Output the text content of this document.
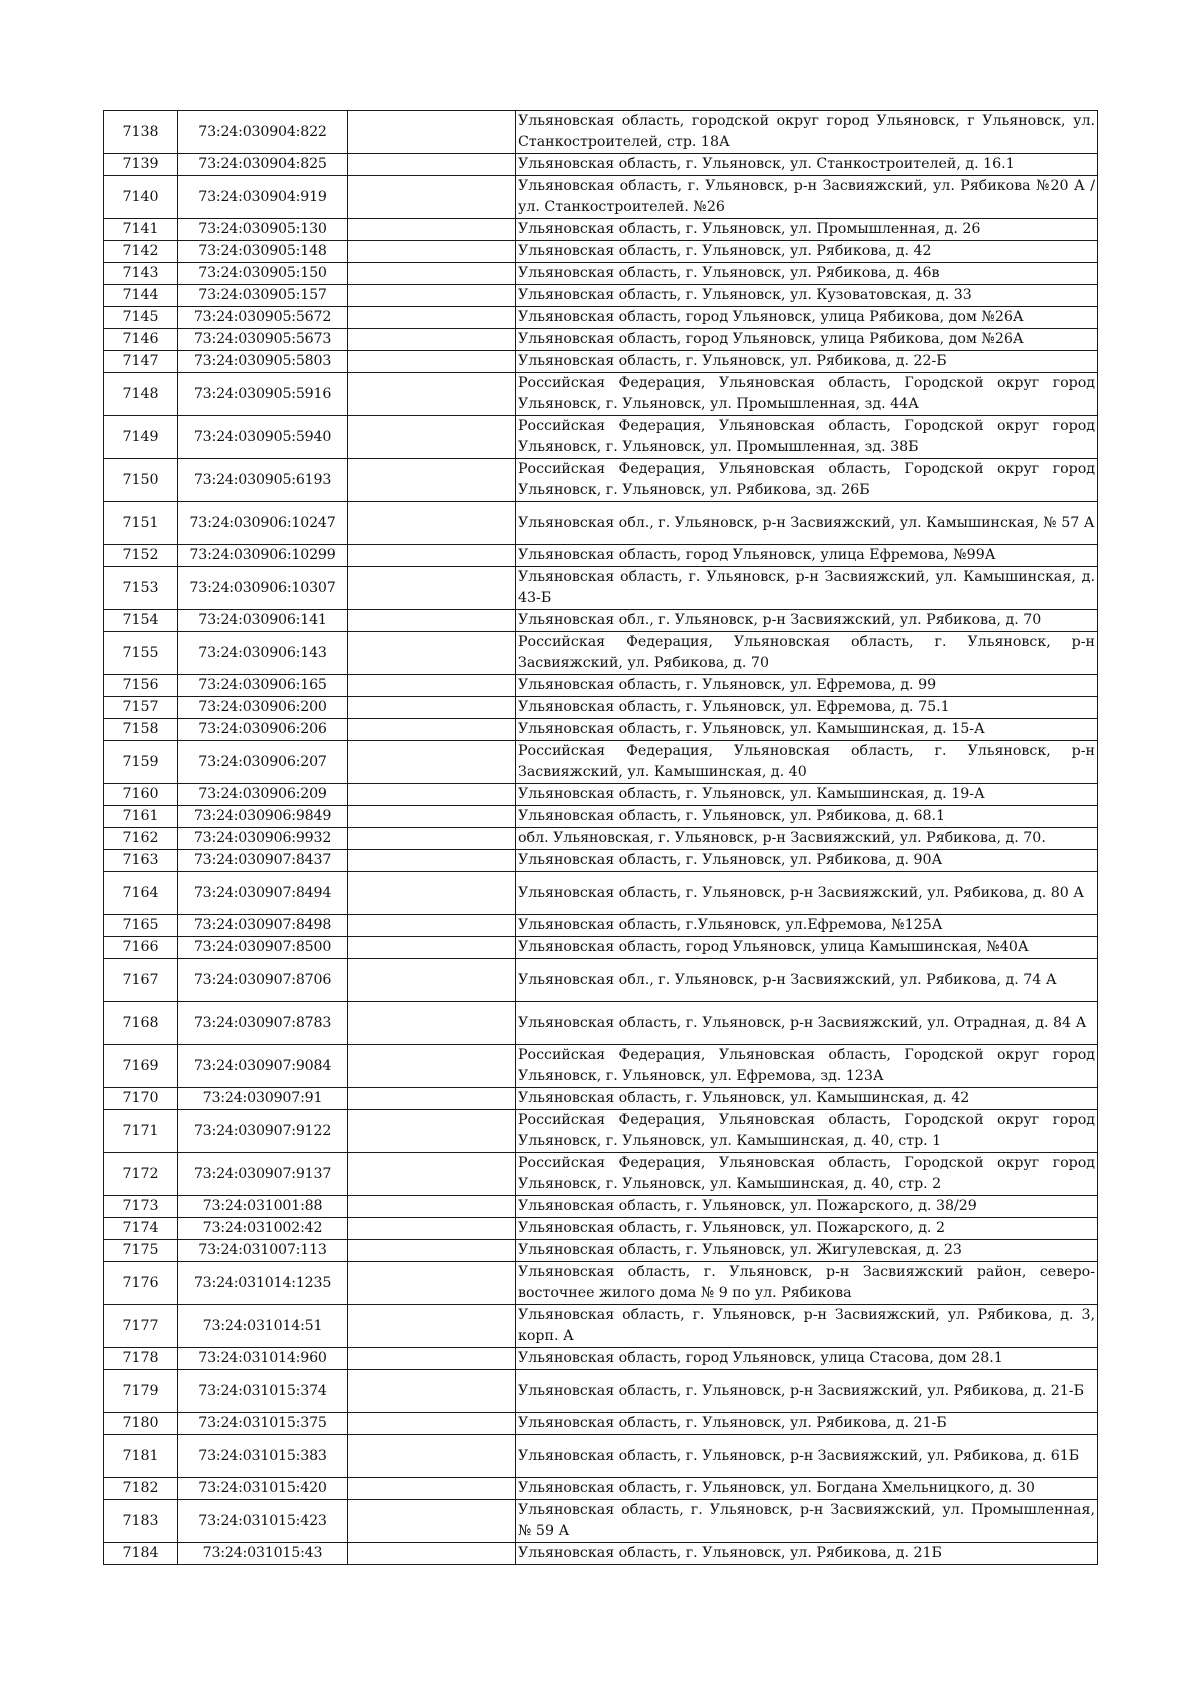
7138	73:24:030904:822		Ульяновская область, городской округ город Ульяновск, г Ульяновск, ул. Станкостроителей, стр. 18А
7139	73:24:030904:825		Ульяновская область, г. Ульяновск, ул. Станкостроителей, д. 16.1
7140	73:24:030904:919		Ульяновская область, г. Ульяновск, р-н Засвияжский, ул. Рябикова №20 А / ул. Станкостроителей. №26
7141	73:24:030905:130		Ульяновская область, г. Ульяновск, ул. Промышленная, д. 26
7142	73:24:030905:148		Ульяновская область, г. Ульяновск, ул. Рябикова, д. 42
7143	73:24:030905:150		Ульяновская область, г. Ульяновск, ул. Рябикова, д. 46в
7144	73:24:030905:157		Ульяновская область, г. Ульяновск, ул. Кузоватовская, д. 33
7145	73:24:030905:5672		Ульяновская область, город Ульяновск, улица Рябикова, дом №26А
7146	73:24:030905:5673		Ульяновская область, город Ульяновск, улица Рябикова, дом №26А
7147	73:24:030905:5803		Ульяновская область, г. Ульяновск, ул. Рябикова, д. 22-Б
7148	73:24:030905:5916		Российская Федерация, Ульяновская область, Городской округ город Ульяновск, г. Ульяновск, ул. Промышленная, зд. 44А
7149	73:24:030905:5940		Российская Федерация, Ульяновская область, Городской округ город Ульяновск, г. Ульяновск, ул. Промышленная, зд. 38Б
7150	73:24:030905:6193		Российская Федерация, Ульяновская область, Городской округ город Ульяновск, г. Ульяновск, ул. Рябикова, зд. 26Б
7151	73:24:030906:10247		Ульяновская обл., г. Ульяновск, р-н Засвияжский, ул. Камышинская, № 57 А
7152	73:24:030906:10299		Ульяновская область, город Ульяновск, улица Ефремова, №99А
7153	73:24:030906:10307		Ульяновская область, г. Ульяновск, р-н Засвияжский, ул. Камышинская, д. 43-Б
7154	73:24:030906:141		Ульяновская обл., г. Ульяновск, р-н Засвияжский, ул. Рябикова, д. 70
7155	73:24:030906:143		Российская Федерация, Ульяновская область, г. Ульяновск, р-н Засвияжский, ул. Рябикова, д. 70
7156	73:24:030906:165		Ульяновская область, г. Ульяновск, ул. Ефремова, д. 99
7157	73:24:030906:200		Ульяновская область, г. Ульяновск, ул. Ефремова, д. 75.1
7158	73:24:030906:206		Ульяновская область, г. Ульяновск, ул. Камышинская, д. 15-А
7159	73:24:030906:207		Российская Федерация, Ульяновская область, г. Ульяновск, р-н Засвияжский, ул. Камышинская, д. 40
7160	73:24:030906:209		Ульяновская область, г. Ульяновск, ул. Камышинская, д. 19-А
7161	73:24:030906:9849		Ульяновская область, г. Ульяновск, ул. Рябикова, д. 68.1
7162	73:24:030906:9932		обл. Ульяновская, г. Ульяновск, р-н Засвияжский, ул. Рябикова, д. 70.
7163	73:24:030907:8437		Ульяновская область, г. Ульяновск, ул. Рябикова, д. 90А
7164	73:24:030907:8494		Ульяновская область, г. Ульяновск, р-н Засвияжский, ул. Рябикова, д. 80 А
7165	73:24:030907:8498		Ульяновская область, г.Ульяновск, ул.Ефремова, №125А
7166	73:24:030907:8500		Ульяновская область, город Ульяновск, улица Камышинская, №40А
7167	73:24:030907:8706		Ульяновская обл., г. Ульяновск, р-н Засвияжский, ул. Рябикова, д. 74 А
7168	73:24:030907:8783		Ульяновская область, г. Ульяновск, р-н Засвияжский, ул. Отрадная, д. 84 А
7169	73:24:030907:9084		Российская Федерация, Ульяновская область, Городской округ город Ульяновск, г. Ульяновск, ул. Ефремова, зд. 123А
7170	73:24:030907:91		Ульяновская область, г. Ульяновск, ул. Камышинская, д. 42
7171	73:24:030907:9122		Российская Федерация, Ульяновская область, Городской округ город Ульяновск, г. Ульяновск, ул. Камышинская, д. 40, стр. 1
7172	73:24:030907:9137		Российская Федерация, Ульяновская область, Городской округ город Ульяновск, г. Ульяновск, ул. Камышинская, д. 40, стр. 2
7173	73:24:031001:88		Ульяновская область, г. Ульяновск, ул. Пожарского, д. 38/29
7174	73:24:031002:42		Ульяновская область, г. Ульяновск, ул. Пожарского, д. 2
7175	73:24:031007:113		Ульяновская область, г. Ульяновск, ул. Жигулевская, д. 23
7176	73:24:031014:1235		Ульяновская область, г. Ульяновск, р-н Засвияжский район, северо-восточнее жилого дома № 9 по ул. Рябикова
7177	73:24:031014:51		Ульяновская область, г. Ульяновск, р-н Засвияжский, ул. Рябикова, д. 3, корп. А
7178	73:24:031014:960		Ульяновская область, город Ульяновск, улица Стасова, дом 28.1
7179	73:24:031015:374		Ульяновская область, г. Ульяновск, р-н Засвияжский, ул. Рябикова, д. 21-Б
7180	73:24:031015:375		Ульяновская область, г. Ульяновск, ул. Рябикова, д. 21-Б
7181	73:24:031015:383		Ульяновская область, г. Ульяновск, р-н Засвияжский, ул. Рябикова, д. 61Б
7182	73:24:031015:420		Ульяновская область, г. Ульяновск, ул. Богдана Хмельницкого, д. 30
7183	73:24:031015:423		Ульяновская область, г. Ульяновск, р-н Засвияжский, ул. Промышленная, № 59 А
7184	73:24:031015:43		Ульяновская область, г. Ульяновск, ул. Рябикова, д. 21Б
